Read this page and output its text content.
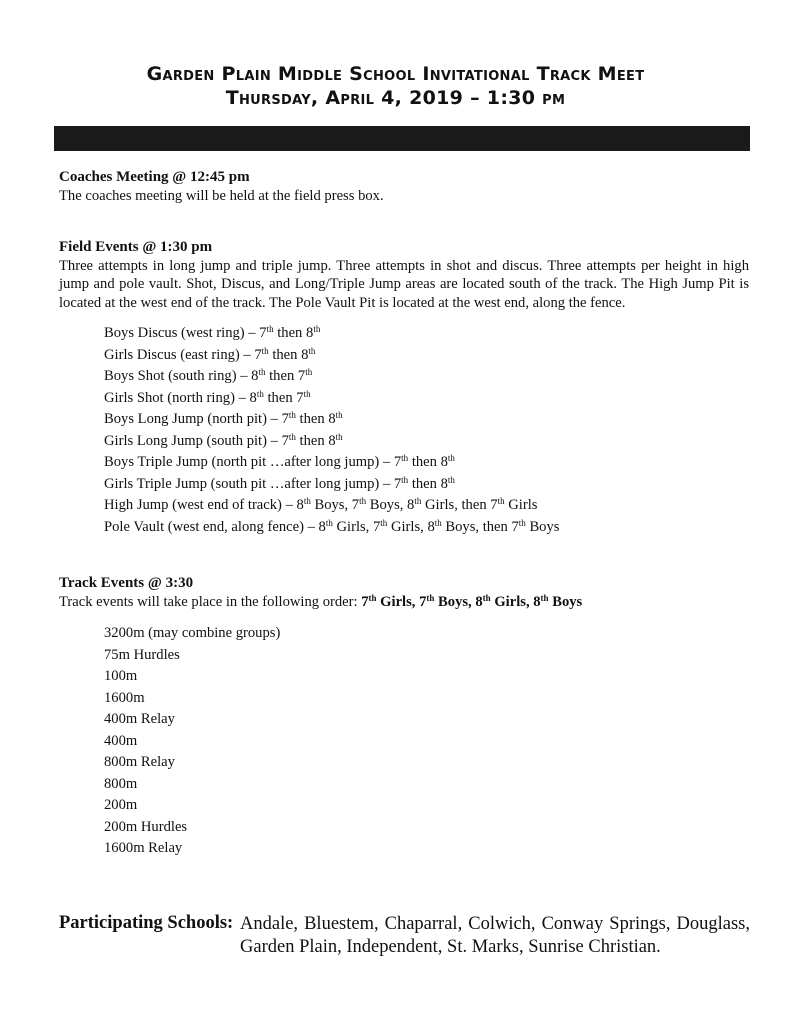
Garden Plain Middle School Invitational Track Meet
Thursday, April 4, 2019 – 1:30 pm
Coaches Meeting @ 12:45 pm
The coaches meeting will be held at the field press box.
Field Events @ 1:30 pm
Three attempts in long jump and triple jump. Three attempts in shot and discus. Three attempts per height in high jump and pole vault. Shot, Discus, and Long/Triple Jump areas are located south of the track. The High Jump Pit is located at the west end of the track. The Pole Vault Pit is located at the west end, along the fence.
Boys Discus (west ring) – 7th then 8th
Girls Discus (east ring) – 7th then 8th
Boys Shot (south ring) – 8th then 7th
Girls Shot (north ring) – 8th then 7th
Boys Long Jump (north pit) – 7th then 8th
Girls Long Jump (south pit) – 7th then 8th
Boys Triple Jump (north pit …after long jump) – 7th then 8th
Girls Triple Jump (south pit …after long jump) – 7th then 8th
High Jump (west end of track) – 8th Boys, 7th Boys, 8th Girls, then 7th Girls
Pole Vault (west end, along fence) – 8th Girls, 7th Girls, 8th Boys, then 7th Boys
Track Events @ 3:30
Track events will take place in the following order: 7th Girls, 7th Boys, 8th Girls, 8th Boys
3200m (may combine groups)
75m Hurdles
100m
1600m
400m Relay
400m
800m Relay
800m
200m
200m Hurdles
1600m Relay
Participating Schools: Andale, Bluestem, Chaparral, Colwich, Conway Springs, Douglass, Garden Plain, Independent, St. Marks, Sunrise Christian.
